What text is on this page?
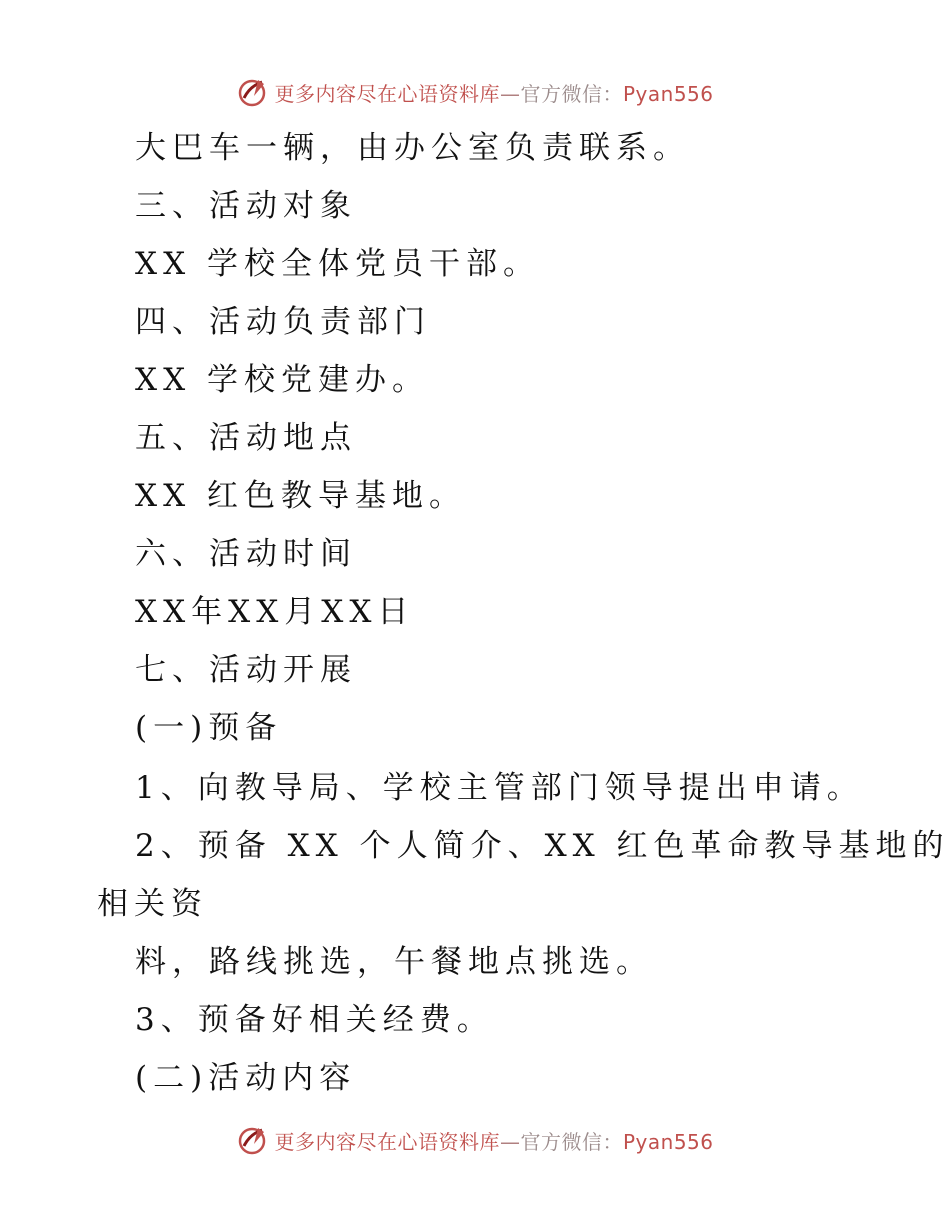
更多内容尽在心语资料库—官方微信：Pyan556
大巴车一辆，由办公室负责联系。
三、活动对象
XX 学校全体党员干部。
四、活动负责部门
XX 学校党建办。
五、活动地点
XX 红色教导基地。
六、活动时间
XX年XX月XX日
七、活动开展
(一)预备
1、向教导局、学校主管部门领导提出申请。
2、预备 XX 个人简介、XX 红色革命教导基地的
相关资
料，路线挑选，午餐地点挑选。
3、预备好相关经费。
(二)活动内容
更多内容尽在心语资料库—官方微信：Pyan556
